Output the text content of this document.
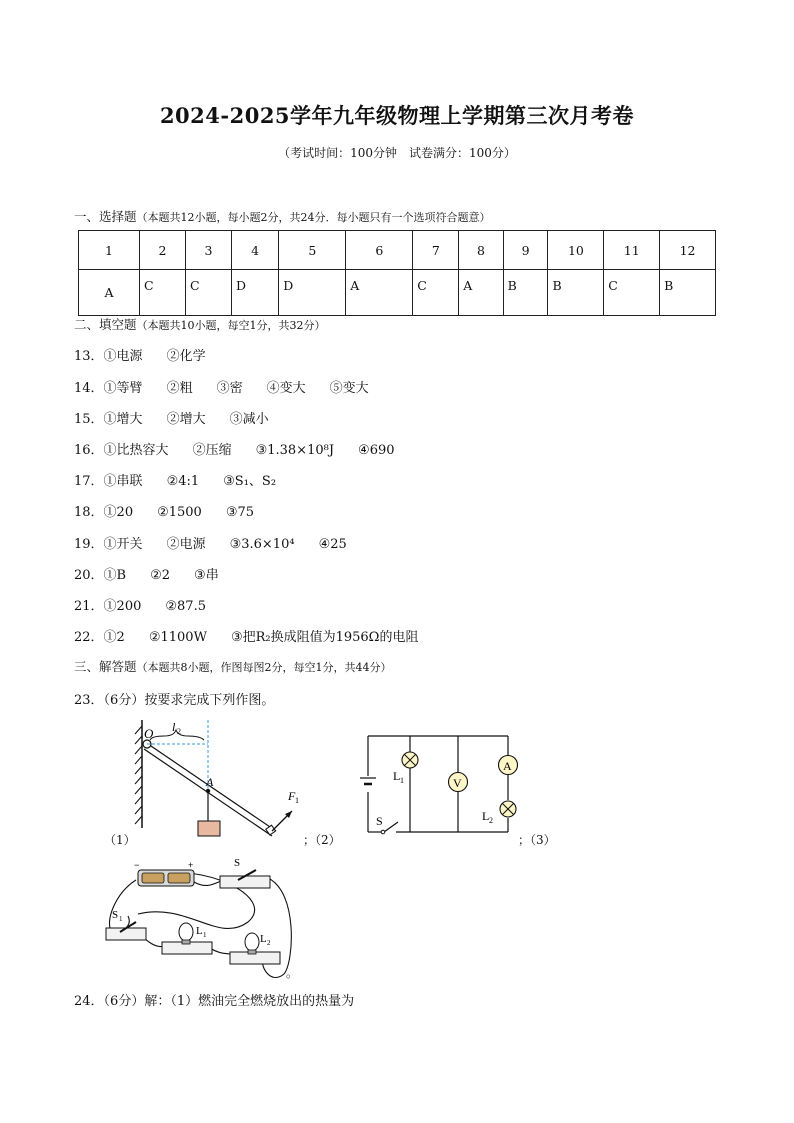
2024-2025学年九年级物理上学期第三次月考卷
（考试时间：100分钟　试卷满分：100分）
一、选择题（本题共12小题，每小题2分，共24分．每小题只有一个选项符合题意）
1	2	3	4	5	6	7	8	9	10	11	12
A	C	C	D	D	A	C	A	B	B	C	B
二、填空题（本题共10小题，每空1分，共32分）
13．①电源 ②化学
14．①等臂 ②粗 ③密 ④变大 ⑤变大
15．①增大 ②增大 ③减小
16．①比热容大 ②压缩 ③1.38×10⁸J ④690
17．①串联 ②4:1 ③S₁、S₂
18．①20 ②1500 ③75
19．①开关 ②电源 ③3.6×10⁴ ④25
20．①B ②2 ③串
21．①200 ②87.5
22．①2 ②1100W ③把R₂换成阻值为1956Ω的电阻
三、解答题（本题共8小题，作图每图2分，每空1分，共44分）
23．（6分）按要求完成下列作图。
O l 2
A
F 1
（1）	；（2）
L 1	V
A
L 2
S
；（3）
−	+	S
S 1
L 1	L 2
。
24．（6分）解：（1）燃油完全燃烧放出的热量为
